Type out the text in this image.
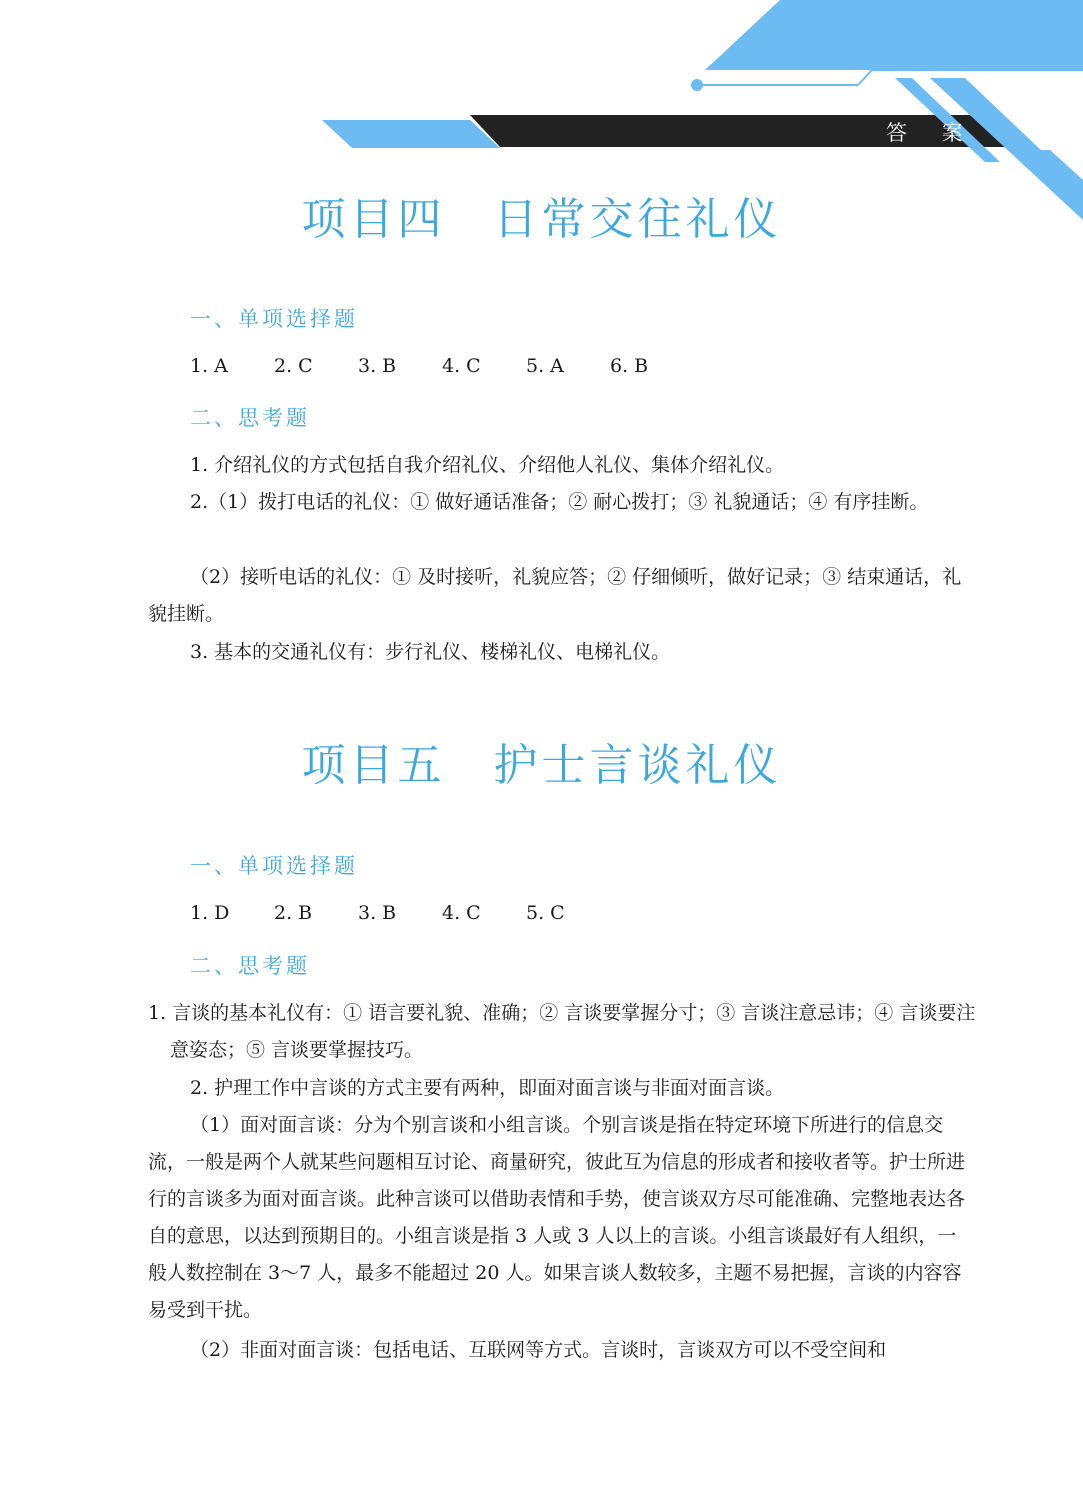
答 案
项目四　日常交往礼仪
一、单项选择题
1. A 2. C 3. B 4. C 5. A 6. B
二、思考题
1. 介绍礼仪的方式包括自我介绍礼仪、介绍他人礼仪、集体介绍礼仪。
2.（1）拨打电话的礼仪：① 做好通话准备；② 耐心拨打；③ 礼貌通话；④ 有序挂断。
（2）接听电话的礼仪：① 及时接听，礼貌应答；② 仔细倾听，做好记录；③ 结束通话，礼貌挂断。
3. 基本的交通礼仪有：步行礼仪、楼梯礼仪、电梯礼仪。
项目五　护士言谈礼仪
一、单项选择题
1. D 2. B 3. B 4. C 5. C
二、思考题
1. 言谈的基本礼仪有：① 语言要礼貌、准确；② 言谈要掌握分寸；③ 言谈注意忌讳；④ 言谈要注意姿态；⑤ 言谈要掌握技巧。
2. 护理工作中言谈的方式主要有两种，即面对面言谈与非面对面言谈。
（1）面对面言谈：分为个别言谈和小组言谈。个别言谈是指在特定环境下所进行的信息交流，一般是两个人就某些问题相互讨论、商量研究，彼此互为信息的形成者和接收者等。护士所进行的言谈多为面对面言谈。此种言谈可以借助表情和手势，使言谈双方尽可能准确、完整地表达各自的意思，以达到预期目的。小组言谈是指 3 人或 3 人以上的言谈。小组言谈最好有人组织，一般人数控制在 3～7 人，最多不能超过 20 人。如果言谈人数较多，主题不易把握，言谈的内容容易受到干扰。
（2）非面对面言谈：包括电话、互联网等方式。言谈时，言谈双方可以不受空间和
